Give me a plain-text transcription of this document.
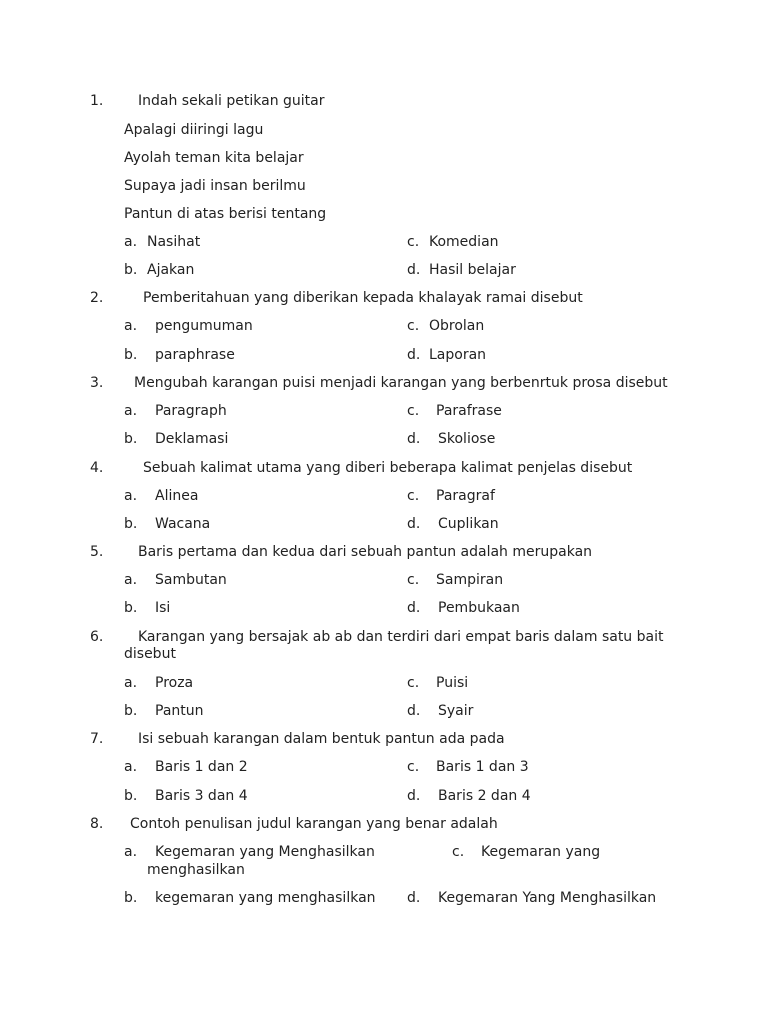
1. Indah sekali petikan guitar
Apalagi diiringi lagu
Ayolah teman kita belajar
Supaya jadi insan berilmu
Pantun di atas berisi tentang
a. Nasihat	c. Komedian
b. Ajakan	d. Hasil belajar
2.	Pemberitahuan yang diberikan kepada khalayak ramai disebut
a. pengumuman	c. Obrolan
b. paraphrase	d. Laporan
3. Mengubah karangan puisi menjadi karangan yang berbenrtuk prosa disebut
a. Paragraph	c. Parafrase
b. Deklamasi	d. Skoliose
4.	Sebuah kalimat utama yang diberi beberapa kalimat penjelas disebut
a. Alinea	c. Paragraf
b. Wacana	d. Cuplikan
5. Baris pertama dan kedua dari sebuah pantun adalah merupakan
a. Sambutan	c. Sampiran
b. Isi	d. Pembukaan
6. Karangan yang bersajak ab ab dan terdiri dari empat baris dalam satu bait
disebut
a. Proza	c. Puisi
b. Pantun	d. Syair
7. Isi sebuah karangan dalam bentuk pantun ada pada
a. Baris 1 dan 2	c. Baris 1 dan 3
b. Baris 3 dan 4	d. Baris 2 dan 4
8. Contoh penulisan judul karangan yang benar adalah
a. Kegemaran yang Menghasilkan	c. Kegemaran yang
menghasilkan
b. kegemaran yang menghasilkan d. Kegemaran Yang Menghasilkan
